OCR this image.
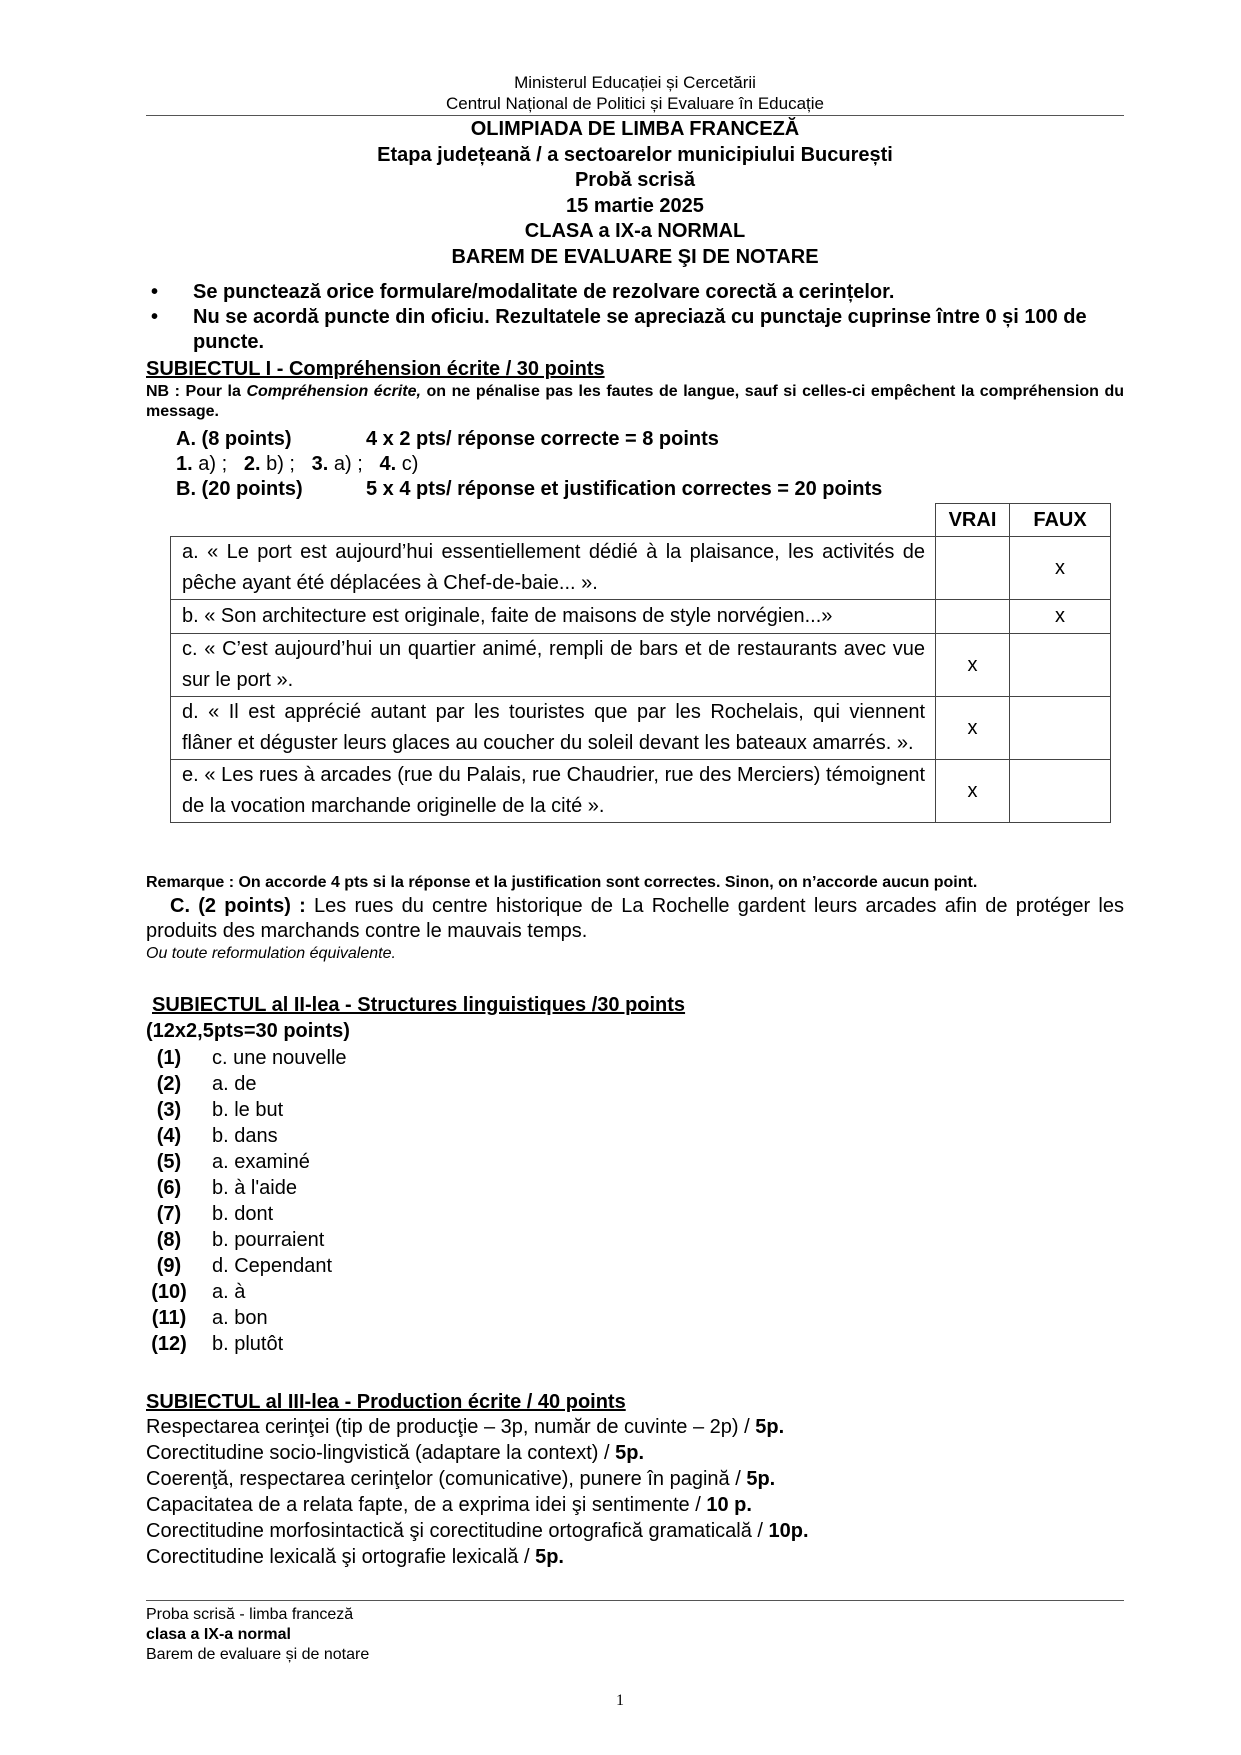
Ministerul Educației și Cercetării
Centrul Național de Politici și Evaluare în Educație
OLIMPIADA DE LIMBA FRANCEZĂ
Etapa județeană / a sectoarelor municipiului București
Probă scrisă
15 martie 2025
CLASA a IX-a NORMAL
BAREM DE EVALUARE ŞI DE NOTARE
• Se punctează orice formulare/modalitate de rezolvare corectă a cerințelor.
• Nu se acordă puncte din oficiu. Rezultatele se apreciază cu punctaje cuprinse între 0 și 100 de puncte.
SUBIECTUL I - Compréhension écrite / 30 points
NB : Pour la Compréhension écrite, on ne pénalise pas les fautes de langue, sauf si celles-ci empêchent la compréhension du message.
A. (8 points)	4 x 2 pts/ réponse correcte = 8 points
1. a) ; 2. b) ; 3. a) ; 4. c)
B. (20 points)	5 x 4 pts/ réponse et justification correctes = 20 points
	VRAI	FAUX
a. « Le port est aujourd’hui essentiellement dédié à la plaisance, les activités de pêche ayant été déplacées à Chef-de-baie... ».		x
b. « Son architecture est originale, faite de maisons de style norvégien...»		x
c. « C’est aujourd’hui un quartier animé, rempli de bars et de restaurants avec vue sur le port ».	x	
d. « Il est apprécié autant par les touristes que par les Rochelais, qui viennent flâner et déguster leurs glaces au coucher du soleil devant les bateaux amarrés. ».	x	
e. « Les rues à arcades (rue du Palais, rue Chaudrier, rue des Merciers) témoignent de la vocation marchande originelle de la cité ».	x	
Remarque : On accorde 4 pts si la réponse et la justification sont correctes. Sinon, on n’accorde aucun point.
C. (2 points) : Les rues du centre historique de La Rochelle gardent leurs arcades afin de protéger les produits des marchands contre le mauvais temps.
Ou toute reformulation équivalente.
SUBIECTUL al II-lea - Structures linguistiques /30 points
(12x2,5pts=30 points)
(1) c. une nouvelle
(2) a. de
(3) b. le but
(4) b. dans
(5) a. examiné
(6) b. à l'aide
(7) b. dont
(8) b. pourraient
(9) d. Cependant
(10) a. à
(11) a. bon
(12) b. plutôt
SUBIECTUL al III-lea - Production écrite / 40 points
Respectarea cerinţei (tip de producţie – 3p, număr de cuvinte – 2p) / 5p.
Corectitudine socio-lingvistică (adaptare la context) / 5p.
Coerenţă, respectarea cerinţelor (comunicative), punere în pagină / 5p.
Capacitatea de a relata fapte, de a exprima idei şi sentimente / 10 p.
Corectitudine morfosintactică şi corectitudine ortografică gramaticală / 10p.
Corectitudine lexicală şi ortografie lexicală / 5p.
Proba scrisă - limba franceză
clasa a IX-a normal
Barem de evaluare și de notare
1
